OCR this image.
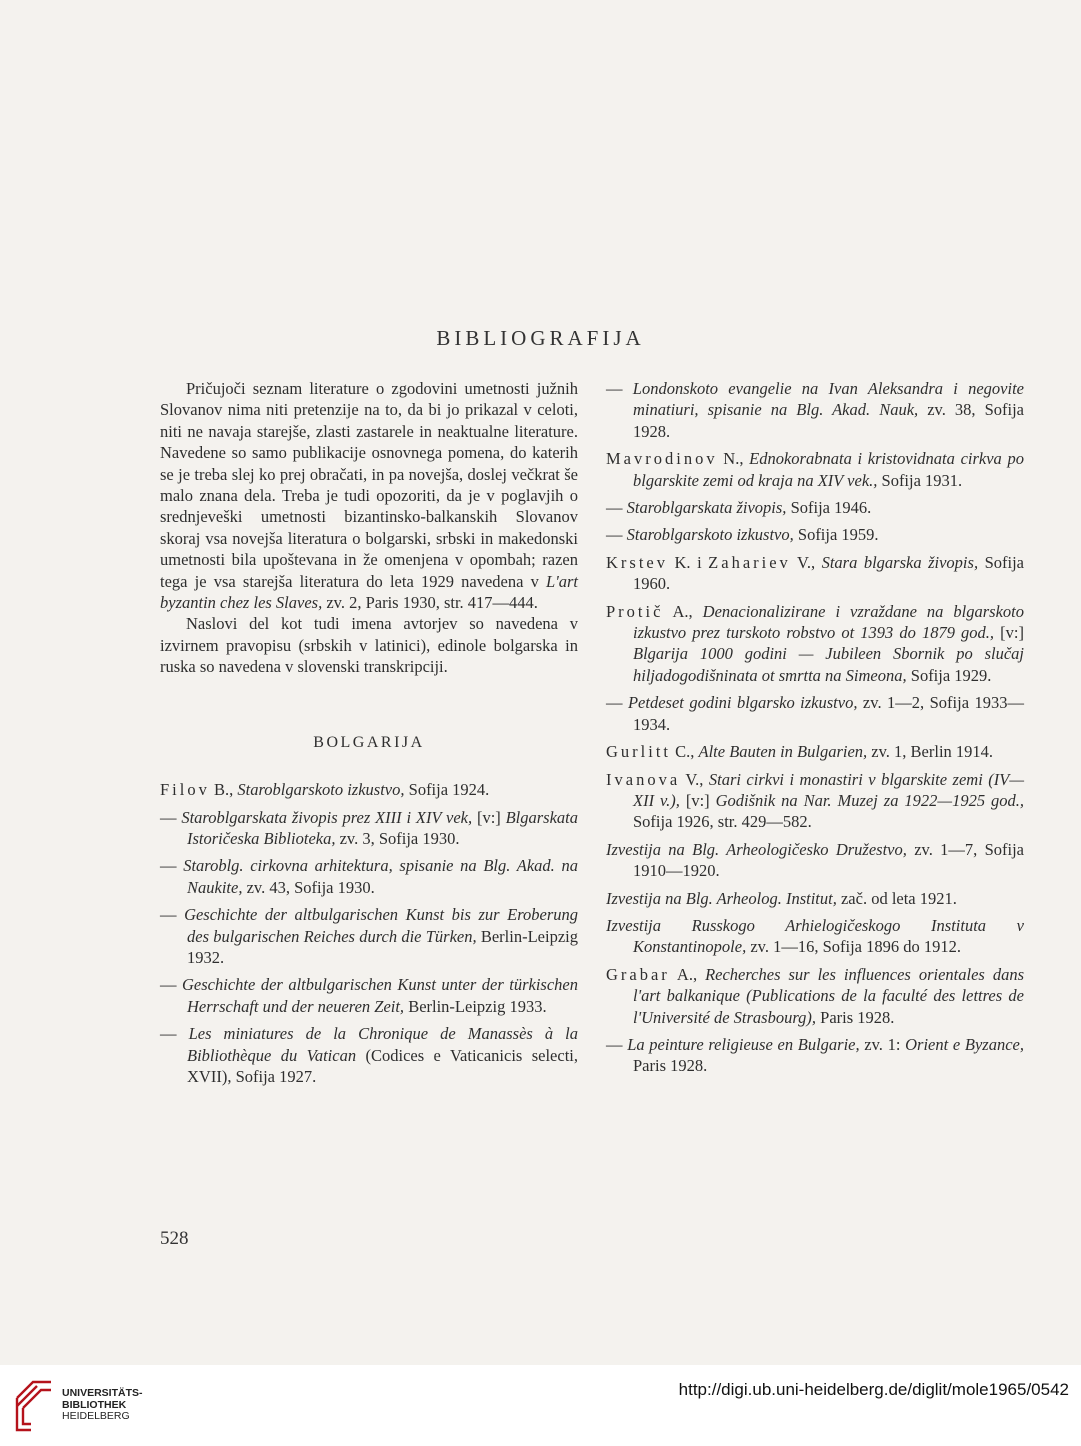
BIBLIOGRAFIJA

Pričujoči seznam literature o zgodovini umetnosti južnih Slovanov nima niti pretenzije na to, da bi jo prikazal v celoti, niti ne navaja starejše, zlasti zastarele in neaktualne literature. Navedene so samo publikacije osnovnega pomena, do katerih se je treba slej ko prej obračati, in pa novejša, doslej večkrat še malo znana dela. Treba je tudi opozoriti, da je v poglavjih o srednjeveški umetnosti bizantinsko-balkanskih Slovanov skoraj vsa novejša literatura o bolgarski, srbski in makedonski umetnosti bila upoštevana in že omenjena v opombah; razen tega je vsa starejša literatura do leta 1929 navedena v L'art byzantin chez les Slaves, zv. 2, Paris 1930, str. 417—444.

Naslovi del kot tudi imena avtorjev so navedena v izvirnem pravopisu (srbskih v latinici), edinole bolgarska in ruska so navedena v slovenski transkripciji.

BOLGARIJA

Filov B., Staroblgarskoto izkustvo, Sofija 1924.

— Staroblgarskata živopis prez XIII i XIV vek, [v:] Blgarskata Istoričeska Biblioteka, zv. 3, Sofija 1930.

— Staroblg. cirkovna arhitektura, spisanie na Blg. Akad. na Naukite, zv. 43, Sofija 1930.

— Geschichte der altbulgarischen Kunst bis zur Eroberung des bulgarischen Reiches durch die Türken, Berlin-Leipzig 1932.

— Geschichte der altbulgarischen Kunst unter der türkischen Herrschaft und der neueren Zeit, Berlin-Leipzig 1933.

— Les miniatures de la Chronique de Manassès à la Bibliothèque du Vatican (Codices e Vaticanicis selecti, XVII), Sofija 1927.

— Londonskoto evangelie na Ivan Aleksandra i negovite minatiuri, spisanie na Blg. Akad. Nauk, zv. 38, Sofija 1928.

Mavrodinov N., Ednokorabnata i kristovidnata cirkva po blgarskite zemi od kraja na XIV vek., Sofija 1931.

— Staroblgarskata živopis, Sofija 1946.

— Staroblgarskoto izkustvo, Sofija 1959.

Krstev K. i Zahariev V., Stara blgarska živopis, Sofija 1960.

Protič A., Denacionalizirane i vzraždane na blgarskoto izkustvo prez turskoto robstvo ot 1393 do 1879 god., [v:] Blgarija 1000 godini — Jubileen Sbornik po slučaj hiljadogodišninata ot smrtta na Simeona, Sofija 1929.

— Petdeset godini blgarsko izkustvo, zv. 1—2, Sofija 1933—1934.

Gurlitt C., Alte Bauten in Bulgarien, zv. 1, Berlin 1914.

Ivanova V., Stari cirkvi i monastiri v blgarskite zemi (IV—XII v.), [v:] Godišnik na Nar. Muzej za 1922—1925 god., Sofija 1926, str. 429—582.

Izvestija na Blg. Arheologičesko Družestvo, zv. 1—7, Sofija 1910—1920.

Izvestija na Blg. Arheolog. Institut, zač. od leta 1921.

Izvestija Russkogo Arhielogičeskogo Instituta v Konstantinopole, zv. 1—16, Sofija 1896 do 1912.

Grabar A., Recherches sur les influences orientales dans l'art balkanique (Publications de la faculté des lettres de l'Université de Strasbourg), Paris 1928.

— La peinture religieuse en Bulgarie, zv. 1: Orient e Byzance, Paris 1928.

528
UNIVERSITÄTS-
BIBLIOTHEK
HEIDELBERG
http://digi.ub.uni-heidelberg.de/diglit/mole1965/0542
